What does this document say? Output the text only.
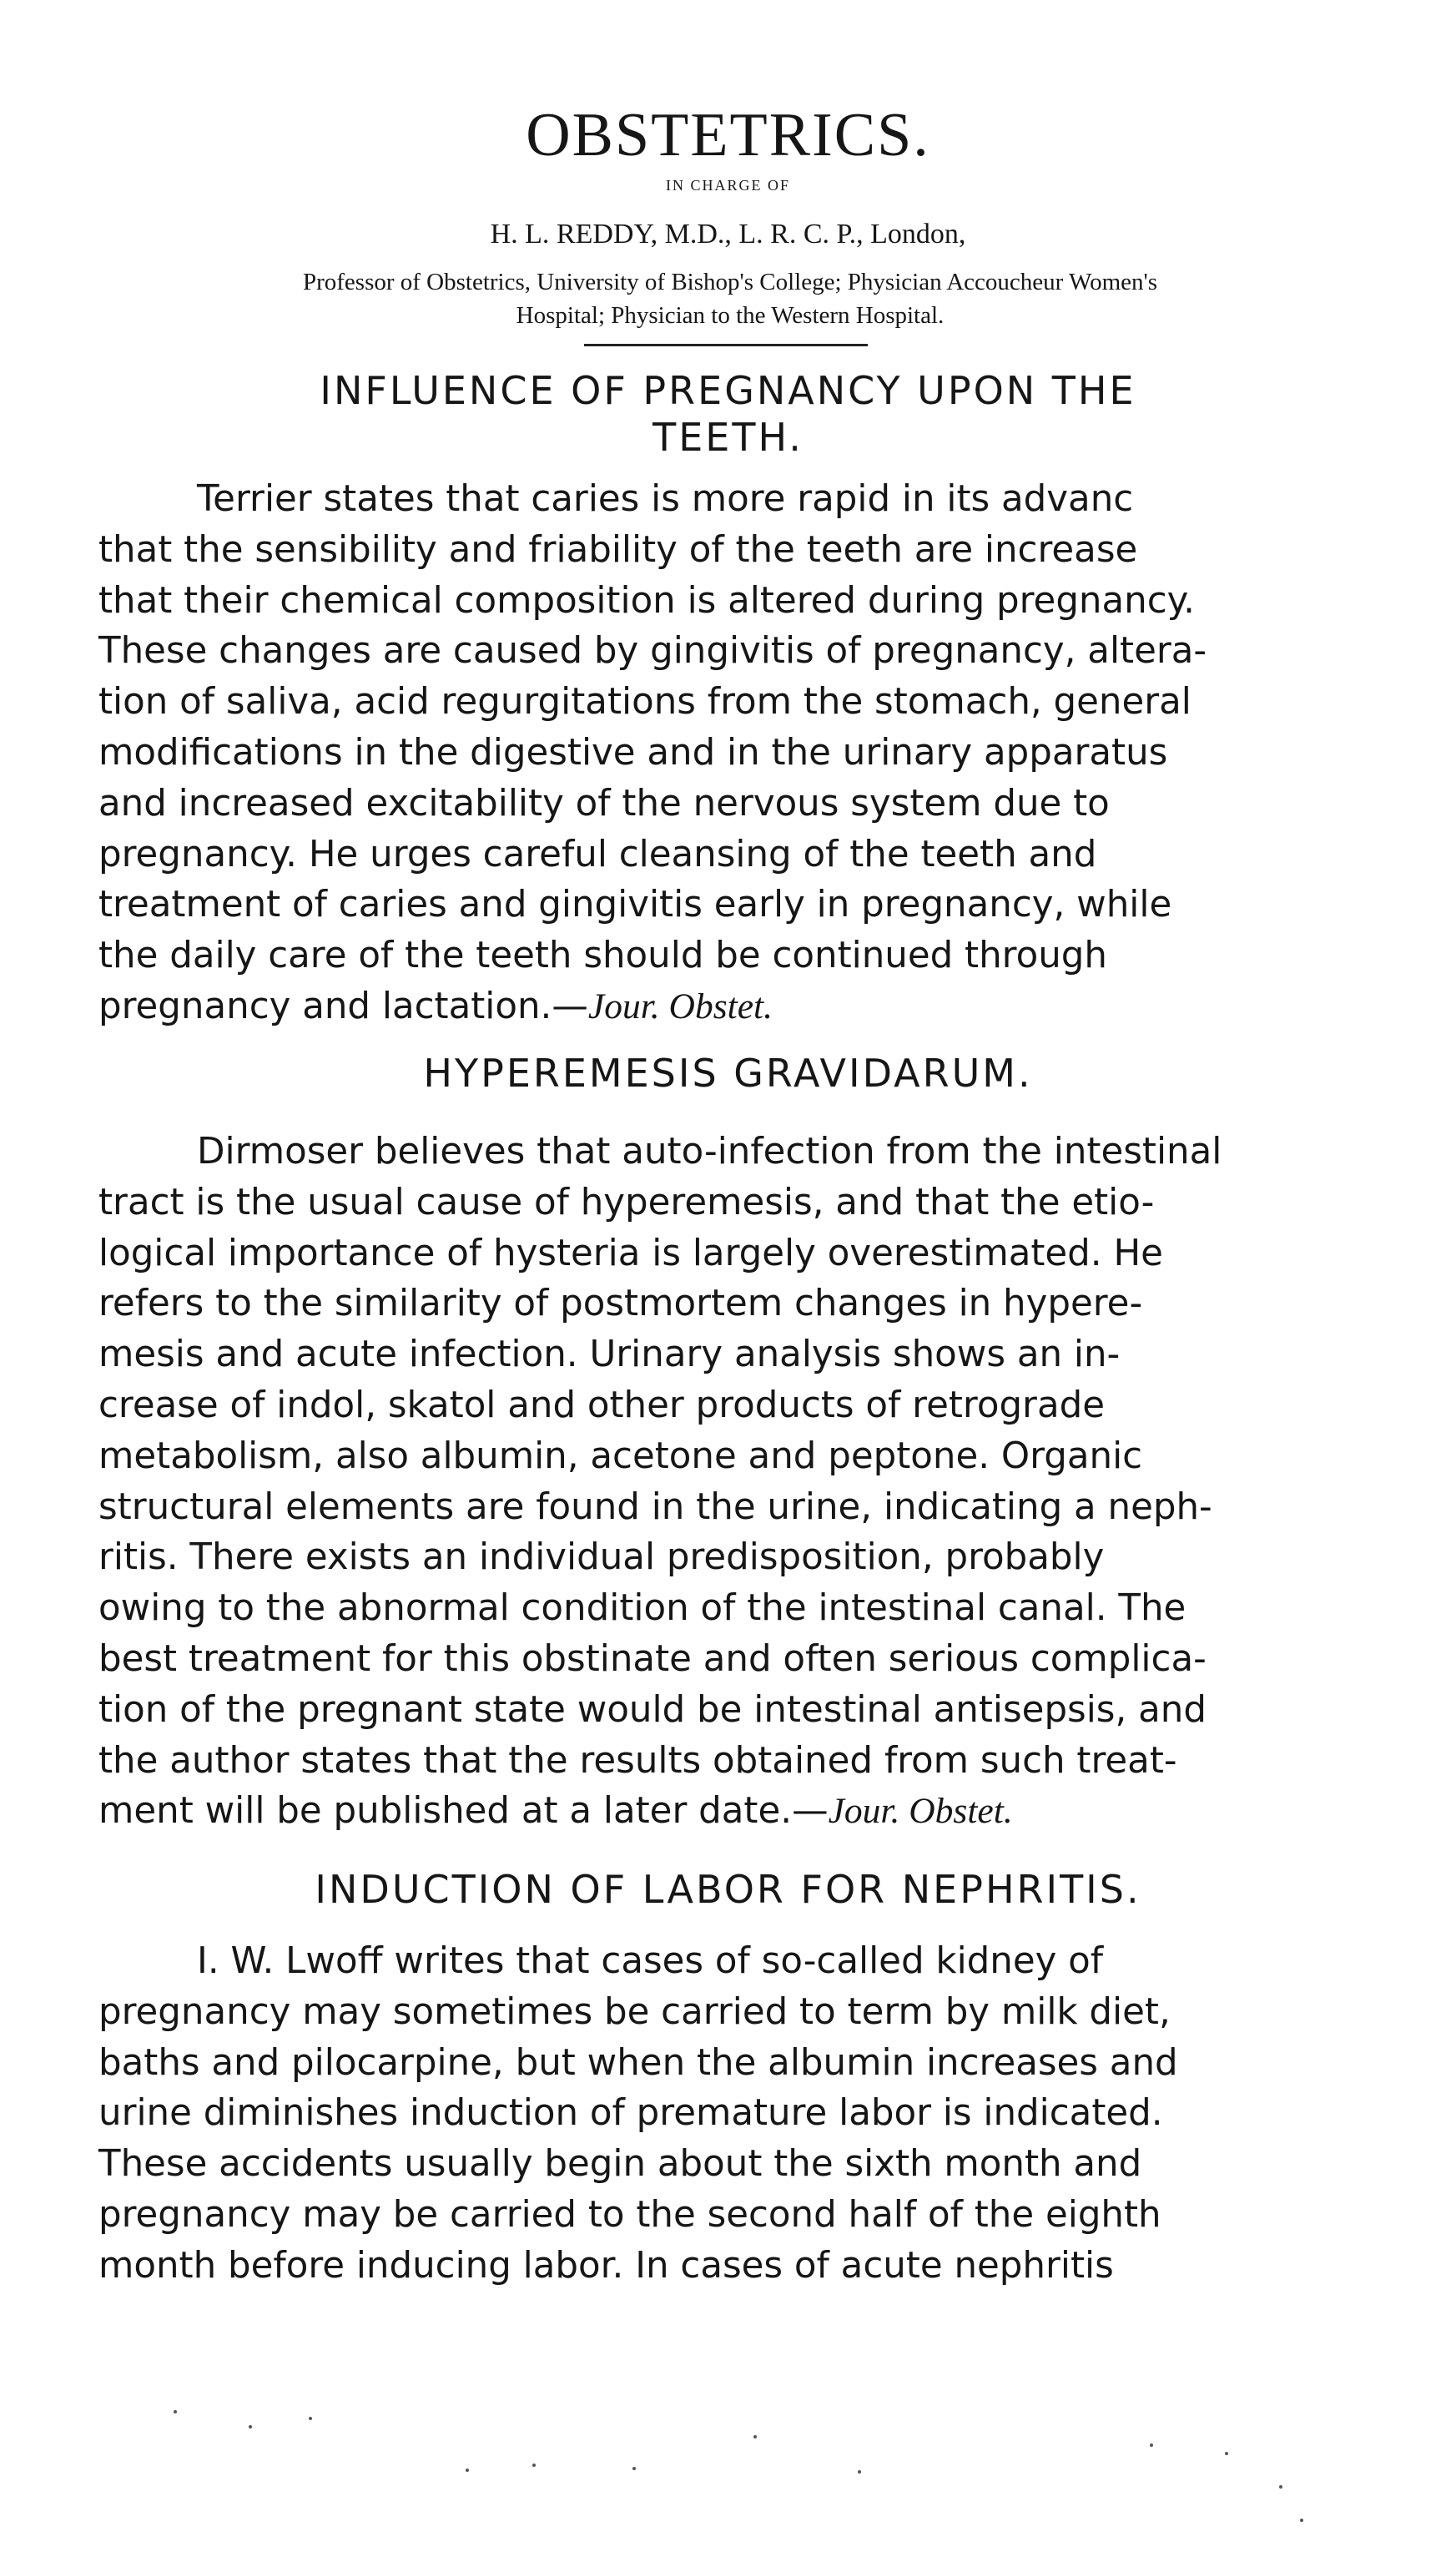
OBSTETRICS.
IN CHARGE OF
H. L. REDDY, M.D., L. R. C. P., London,
Professor of Obstetrics, University of Bishop's College; Physician Accoucheur Women's
Hospital; Physician to the Western Hospital.
INFLUENCE OF PREGNANCY UPON THE
TEETH.
Terrier states that caries is more rapid in its advanc
that the sensibility and friability of the teeth are increase
that their chemical composition is altered during pregnancy.
These changes are caused by gingivitis of pregnancy, altera-
tion of saliva, acid regurgitations from the stomach, general
modifications in the digestive and in the urinary apparatus
and increased excitability of the nervous system due to
pregnancy. He urges careful cleansing of the teeth and
treatment of caries and gingivitis early in pregnancy, while
the daily care of the teeth should be continued through
pregnancy and lactation.—Jour. Obstet.
HYPEREMESIS GRAVIDARUM.
Dirmoser believes that auto-infection from the intestinal
tract is the usual cause of hyperemesis, and that the etio-
logical importance of hysteria is largely overestimated. He
refers to the similarity of postmortem changes in hypere-
mesis and acute infection. Urinary analysis shows an in-
crease of indol, skatol and other products of retrograde
metabolism, also albumin, acetone and peptone. Organic
structural elements are found in the urine, indicating a neph-
ritis. There exists an individual predisposition, probably
owing to the abnormal condition of the intestinal canal. The
best treatment for this obstinate and often serious complica-
tion of the pregnant state would be intestinal antisepsis, and
the author states that the results obtained from such treat-
ment will be published at a later date.—Jour. Obstet.
INDUCTION OF LABOR FOR NEPHRITIS.
I. W. Lwoff writes that cases of so-called kidney of
pregnancy may sometimes be carried to term by milk diet,
baths and pilocarpine, but when the albumin increases and
urine diminishes induction of premature labor is indicated.
These accidents usually begin about the sixth month and
pregnancy may be carried to the second half of the eighth
month before inducing labor. In cases of acute nephritis
